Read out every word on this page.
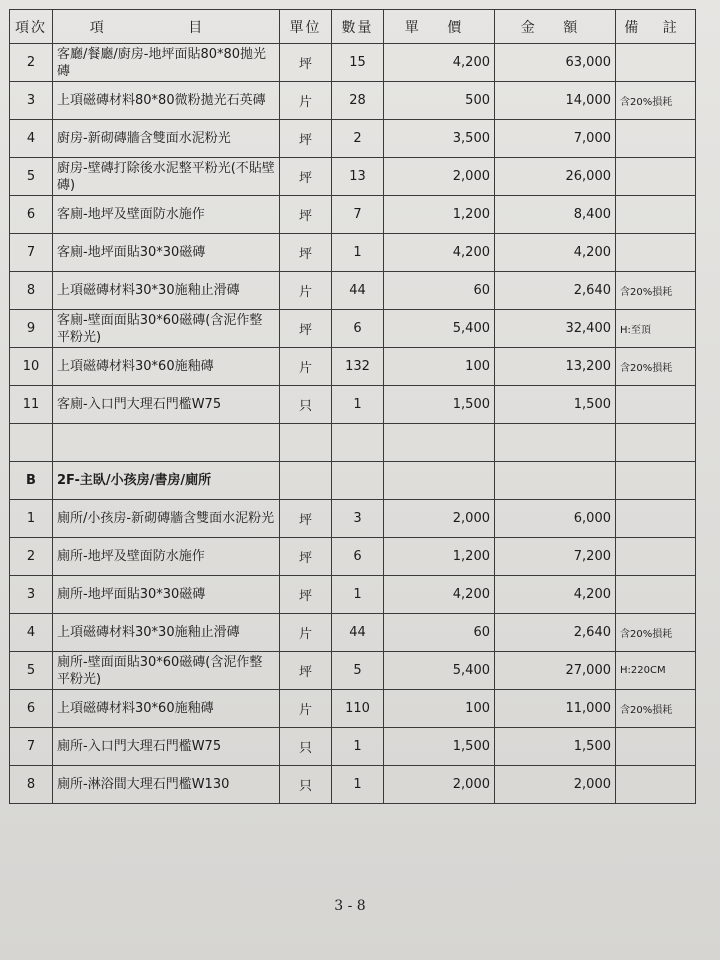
項次	項 目	單位	數量	單 價	金 額	備 註
2	客廳/餐廳/廚房-地坪面貼80*80拋光磚	坪	15	4,200	63,000	
3	上項磁磚材料80*80微粉拋光石英磚	片	28	500	14,000	含20%損耗
4	廚房-新砌磚牆含雙面水泥粉光	坪	2	3,500	7,000	
5	廚房-壁磚打除後水泥整平粉光(不貼壁磚)	坪	13	2,000	26,000	
6	客廁-地坪及壁面防水施作	坪	7	1,200	8,400	
7	客廁-地坪面貼30*30磁磚	坪	1	4,200	4,200	
8	上項磁磚材料30*30施釉止滑磚	片	44	60	2,640	含20%損耗
9	客廁-壁面面貼30*60磁磚(含泥作整平粉光)	坪	6	5,400	32,400	H:至頂
10	上項磁磚材料30*60施釉磚	片	132	100	13,200	含20%損耗
11	客廁-入口門大理石門檻W75	只	1	1,500	1,500	

B	2F-主臥/小孩房/書房/廁所					
1	廁所/小孩房-新砌磚牆含雙面水泥粉光	坪	3	2,000	6,000	
2	廁所-地坪及壁面防水施作	坪	6	1,200	7,200	
3	廁所-地坪面貼30*30磁磚	坪	1	4,200	4,200	
4	上項磁磚材料30*30施釉止滑磚	片	44	60	2,640	含20%損耗
5	廁所-壁面面貼30*60磁磚(含泥作整平粉光)	坪	5	5,400	27,000	H:220CM
6	上項磁磚材料30*60施釉磚	片	110	100	11,000	含20%損耗
7	廁所-入口門大理石門檻W75	只	1	1,500	1,500	
8	廁所-淋浴間大理石門檻W130	只	1	2,000	2,000	
3 - 8
